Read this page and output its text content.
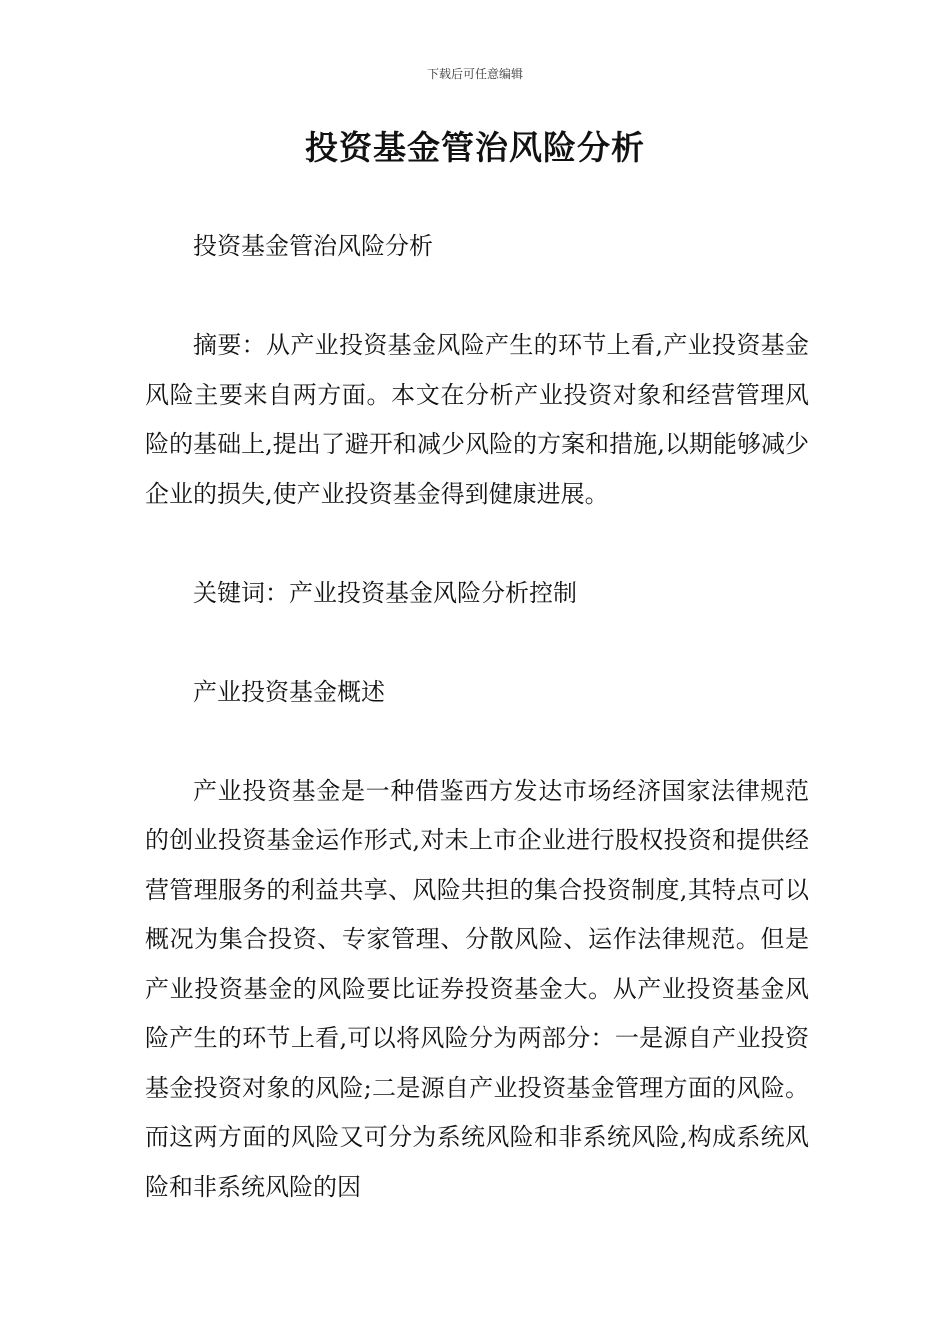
下载后可任意编辑
投资基金管治风险分析

投资基金管治风险分析

摘要：从产业投资基金风险产生的环节上看,产业投资基金风险主要来自两方面。本文在分析产业投资对象和经营管理风险的基础上,提出了避开和减少风险的方案和措施,以期能够减少企业的损失,使产业投资基金得到健康进展。

关键词：产业投资基金风险分析控制

产业投资基金概述

产业投资基金是一种借鉴西方发达市场经济国家法律规范的创业投资基金运作形式,对未上市企业进行股权投资和提供经营管理服务的利益共享、风险共担的集合投资制度,其特点可以概况为集合投资、专家管理、分散风险、运作法律规范。但是产业投资基金的风险要比证券投资基金大。从产业投资基金风险产生的环节上看,可以将风险分为两部分：一是源自产业投资基金投资对象的风险;二是源自产业投资基金管理方面的风险。而这两方面的风险又可分为系统风险和非系统风险,构成系统风险和非系统风险的因
